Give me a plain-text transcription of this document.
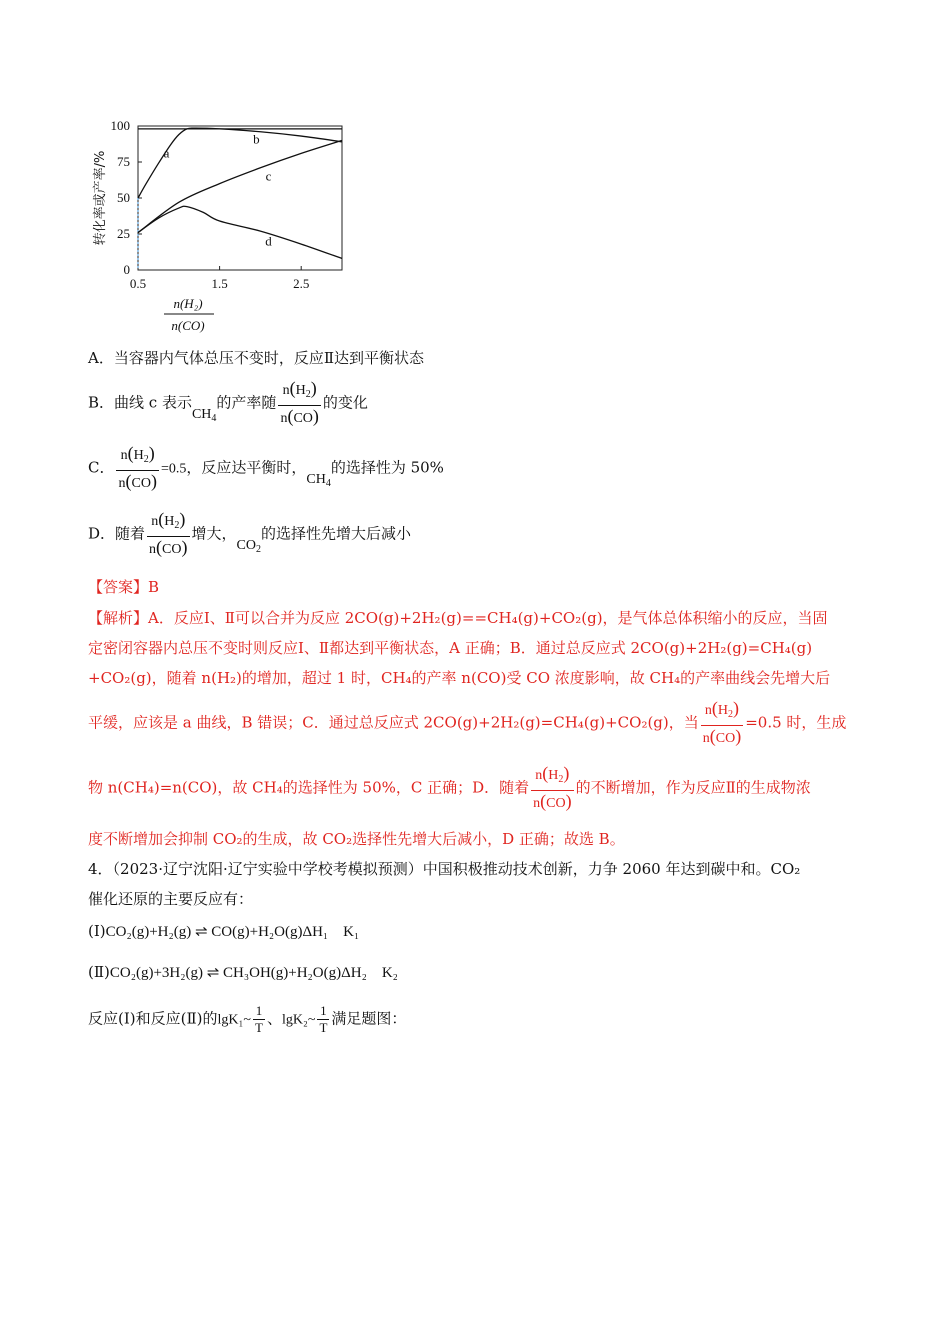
0
25
50
75
100
0.5	1.5	2.5
a
b
c
d
转化率或产率/%
n(H₂)
n(CO)
A．当容器内气体总压不变时，反应Ⅱ达到平衡状态
B．曲线 c 表示$CH_4$的产率随 $\frac{n(H_2)}{n(CO)}$ 的变化
C． $\frac{n(H_2)}{n(CO)} =0.5$，反应达平衡时，$CH_4$的选择性为 50%
D．随着 $\frac{n(H_2)}{n(CO)}$ 增大，$CO_2$的选择性先增大后减小
【答案】B
【解析】A．反应Ⅰ、Ⅱ可以合并为反应 2CO(g)+2H₂(g)==CH₄(g)+CO₂(g)，是气体总体积缩小的反应，当固
定密闭容器内总压不变时则反应Ⅰ、Ⅱ都达到平衡状态，A 正确；B．通过总反应式 2CO(g)+2H₂(g)=CH₄(g)
+CO₂(g)，随着 n(H₂)的增加，超过 1 时，CH₄的产率 n(CO)受 CO 浓度影响，故 CH₄的产率曲线会先增大后
平缓，应该是 a 曲线，B 错误；C．通过总反应式 2CO(g)+2H₂(g)=CH₄(g)+CO₂(g)，当 $\frac{n(H_2)}{n(CO)} =0.5$ 时，生成
物 n(CH₄)=n(CO)，故 CH₄的选择性为 50%，C 正确；D．随着 $\frac{n(H_2)}{n(CO)}$ 的不断增加，作为反应Ⅱ的生成物浓
度不断增加会抑制 CO₂的生成，故 CO₂选择性先增大后减小，D 正确；故选 B。
4．（2023·辽宁沈阳·辽宁实验中学校考模拟预测）中国积极推动技术创新，力争 2060 年达到碳中和。CO₂
催化还原的主要反应有：
(Ⅰ)CO₂(g)+H₂(g) ⇌ CO(g)+H₂O(g)ΔH₁　K₁
(Ⅱ)CO₂(g)+3H₂(g) ⇌ CH₃OH(g)+H₂O(g)ΔH₂　K₂
反应(Ⅰ)和反应(Ⅱ)的lgK₁~ $\frac{1}{T}$ 、lgK₂~ $\frac{1}{T}$ 满足题图：
